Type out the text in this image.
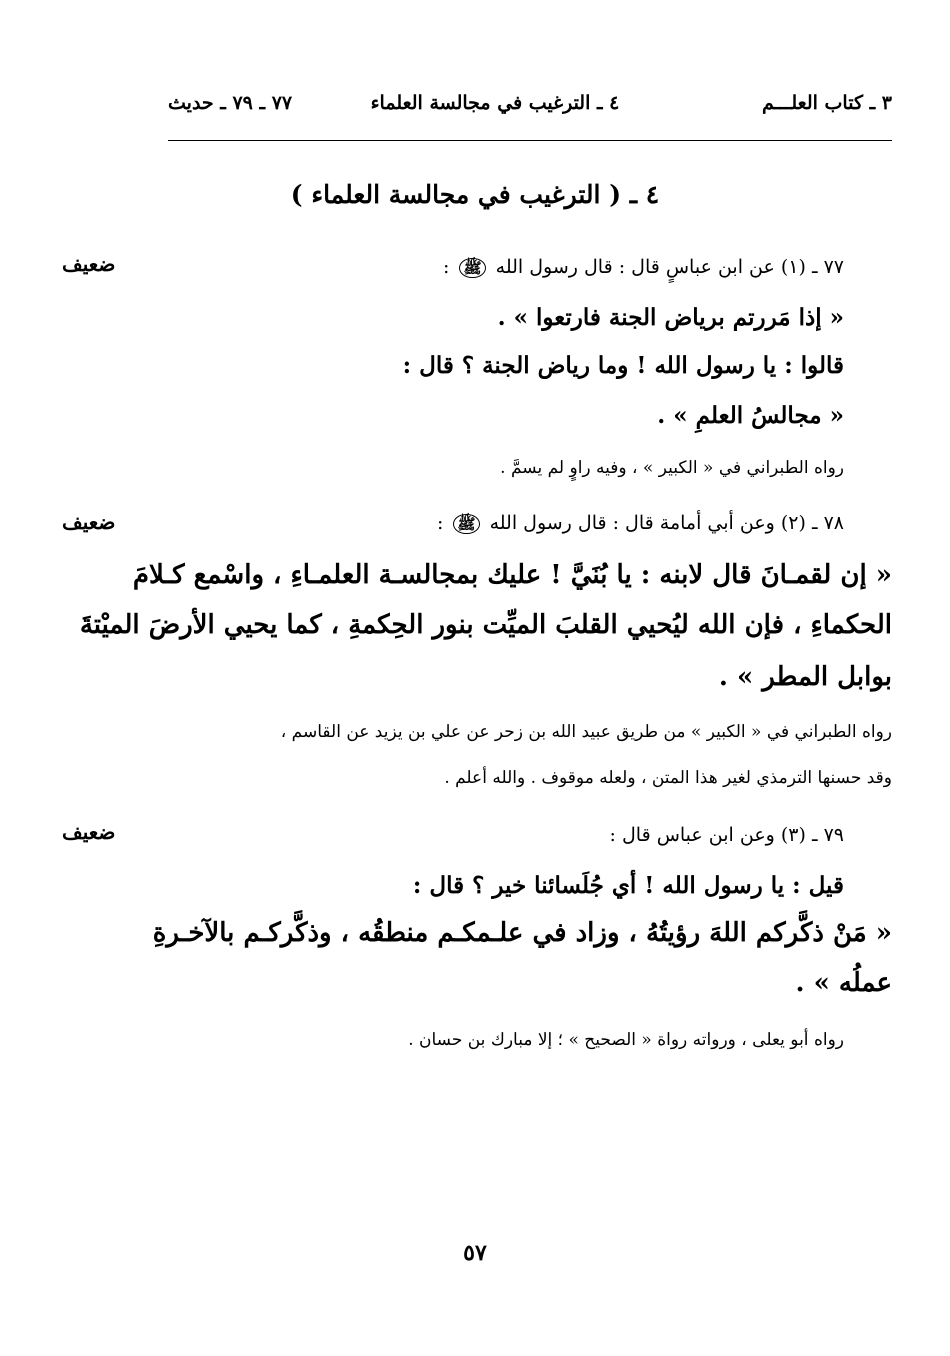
٣ ـ كتاب العلـــم
٤ ـ الترغيب في مجالسة العلماء
٧٧ ـ ٧٩ ـ حديث
٤ ـ ( الترغيب في مجالسة العلماء )
ضعيف	٧٧ ـ (١) عن ابن عباسٍ قال : قال رسول الله ﷺ :
« إذا مَررتم برياض الجنة فارتعوا » .
قالوا : يا رسول الله ! وما رياض الجنة ؟ قال :
« مجالسُ العلمِ » .
رواه الطبراني في « الكبير » ، وفيه راوٍ لم يسمَّ .
ضعيف	٧٨ ـ (٢) وعن أبي أمامة قال : قال رسول الله ﷺ :
« إن لقمـانَ قال لابنه : يا بُنَيَّ ! عليك بمجالسـة العلمـاءِ ، واسْمع كـلامَ
الحكماءِ ، فإن الله ليُحيي القلبَ الميِّت بنور الحِكمةِ ، كما يحيي الأرضَ الميْتةَ
بوابل المطر » .
رواه الطبراني في « الكبير » من طريق عبيد الله بن زحر عن علي بن يزيد عن القاسم ،
وقد حسنها الترمذي لغير هذا المتن ، ولعله موقوف . والله أعلم .
ضعيف	٧٩ ـ (٣) وعن ابن عباس قال :
قيل : يا رسول الله ! أي جُلَسائنا خير ؟ قال :
« مَنْ ذكَّركم اللهَ رؤيتُهُ ، وزاد في علـمكـم منطقُه ، وذكَّركـم بالآخـرةِ
عملُه » .
رواه أبو يعلى ، ورواته رواة « الصحيح » ؛ إلا مبارك بن حسان .
٥٧
